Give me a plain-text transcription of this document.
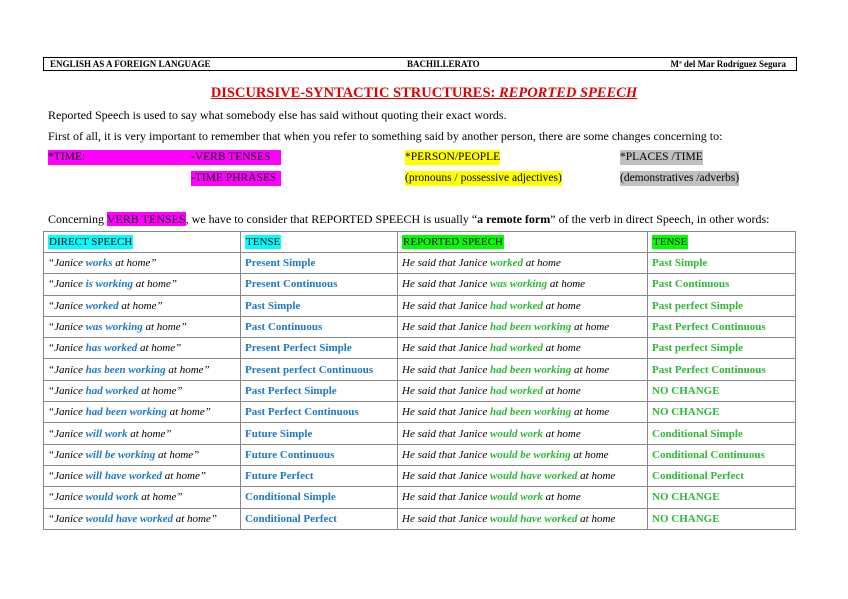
ENGLISH AS A FOREIGN LANGUAGE	BACHILLERATO	Mª del Mar Rodríguez Segura
DISCURSIVE-SYNTACTIC STRUCTURES: REPORTED SPEECH
Reported Speech is used to say what somebody else has said without quoting their exact words.
First of all, it is very important to remember that when you refer to something said by another person, there are some changes concerning to:
*TIME:	-VERB TENSES
-TIME PHRASES
*PERSON/PEOPLE
(pronouns / possessive adjectives)
*PLACES /TIME
(demonstratives /adverbs)
Concerning VERB TENSES, we have to consider that REPORTED SPEECH is usually “a remote form” of the verb in direct Speech, in other words:
DIRECT SPEECH	TENSE	REPORTED SPEECH	TENSE
“Janice works at home”	Present Simple	He said that Janice worked at home	Past Simple
“Janice is working at home”	Present Continuous	He said that Janice was working at home	Past Continuous
“Janice worked at home”	Past Simple	He said that Janice had worked at home	Past perfect Simple
“Janice was working at home”	Past Continuous	He said that Janice had been working at home	Past Perfect Continuous
“Janice has worked at home”	Present Perfect Simple	He said that Janice had worked at home	Past perfect Simple
“Janice has been working at home”	Present perfect Continuous	He said that Janice had been working at home	Past Perfect Continuous
“Janice had worked at home”	Past Perfect Simple	He said that Janice had worked at home	NO CHANGE
“Janice had been working at home”	Past Perfect Continuous	He said that Janice had been working at home	NO CHANGE
“Janice will work at home”	Future Simple	He said that Janice would work at home	Conditional Simple
“Janice will be working at home”	Future Continuous	He said that Janice would be working at home	Conditional Continuous
“Janice will have worked at home”	Future Perfect	He said that Janice would have worked at home	Conditional Perfect
“Janice would work at home”	Conditional Simple	He said that Janice would work at home	NO CHANGE
“Janice would have worked at home”	Conditional Perfect	He said that Janice would have worked at home	NO CHANGE
